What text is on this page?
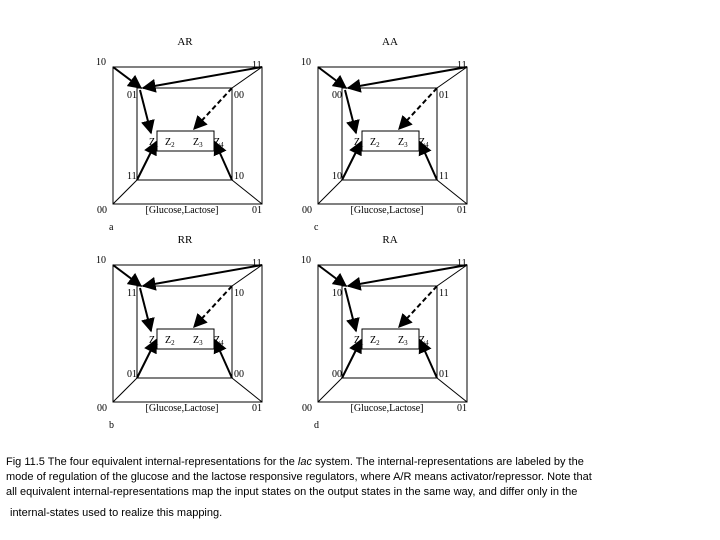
AR
10	11
00	01
01	00
11	10
$Z_1$ $Z_2$ $Z_3$ $Z_4$
[Glucose,Lactose]
a
AA
10	11
00	01
00	01
10	11
$Z_1$ $Z_2$ $Z_3$ $Z_4$
[Glucose,Lactose]
c
RR
10	11
00	01
11	10
01	00
$Z_1$ $Z_2$ $Z_3$ $Z_4$
[Glucose,Lactose]
b
RA
10	11
00	01
10	11
00	01
$Z_1$ $Z_2$ $Z_3$ $Z_4$
[Glucose,Lactose]
d

Fig 11.5 The four equivalent internal-representations for the lac system. The internal-representations are labeled by the

mode of regulation of the glucose and the lactose responsive regulators, where A/R means activator/repressor. Note that

all equivalent internal-representations map the input states on the output states in the same way, and differ only in the

internal-states used to realize this mapping.
